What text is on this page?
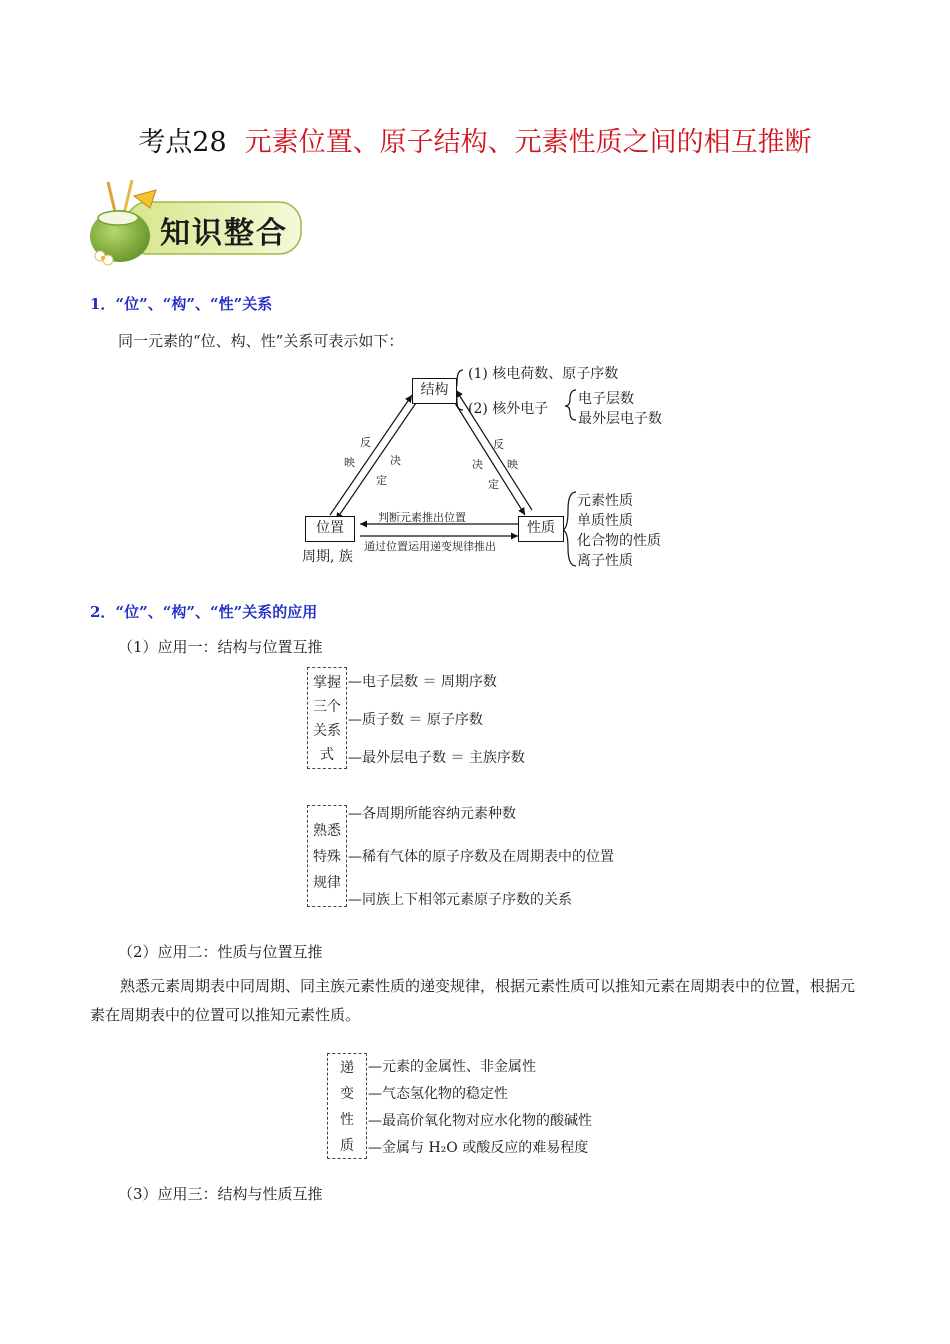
考点28 元素位置、原子结构、元素性质之间的相互推断
知识整合
1．“位”、“构”、“性”关系
同一元素的“位、构、性”关系可表示如下：
结构
位置	性质
(1) 核电荷数、原子序数
(2) 核外电子
电子层数
最外层电子数
反
映	决
定
反
映
决
定
判断元素推出位置
通过位置运用递变规律推出
周期, 族
元素性质
单质性质
化合物的性质
离子性质
2．“位”、“构”、“性”关系的应用
（1）应用一：结构与位置互推
掌握
三个
关系
式
—电子层数 ＝ 周期序数
—质子数 ＝ 原子序数
—最外层电子数 ＝ 主族序数
熟悉
特殊
规律
—各周期所能容纳元素种数
—稀有气体的原子序数及在周期表中的位置
—同族上下相邻元素原子序数的关系
（2）应用二：性质与位置互推
熟悉元素周期表中同周期、同主族元素性质的递变规律，根据元素性质可以推知元素在周期表中的位置，根据元素在周期表中的位置可以推知元素性质。
递
变
性
质
—元素的金属性、非金属性
—气态氢化物的稳定性
—最高价氧化物对应水化物的酸碱性
—金属与 H₂O 或酸反应的难易程度
（3）应用三：结构与性质互推
